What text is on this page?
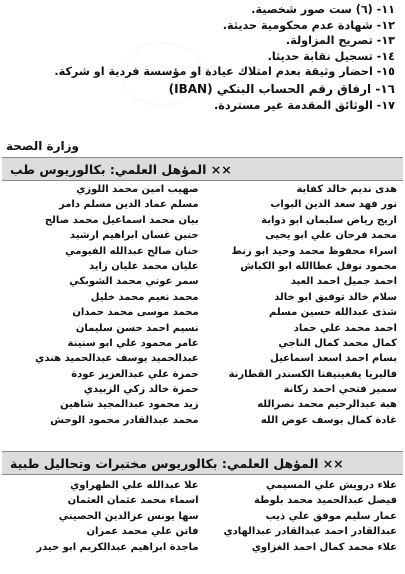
١١- (٦) ست صور شخصية.
١٢- شهادة عدم محكومية حديثة.
١٣- تصريح المزاولة.
١٤- تسجيل نقابة حديثا.
١٥- احضار وثيقة بعدم امتلاك عيادة او مؤسسة فردية او شركة.
١٦- ارفاق رقم الحساب البنكي (IBAN)
١٧- الوثائق المقدمة غير مستردة.
وزارة الصحة
×× المؤهل العلمي: بكالوريوس طب
هدى نديم خالد كفاية
نور فهد سعد الدين البواب
اريج رياض سليمان ابو ذوابة
محمد فرحان علي ابو يحيى
اسراء محفوظ محمد وحيد ابو زنط
محمود نوفل عطاالله ابو الكباش
احمد جميل احمد العبد
سلام خالد توفيق ابو خالد
شذى عبدالله حسين مسلم
احمد محمد علي حماد
كمال محمد كمال الناجي
بسام احمد اسعد اسماعيل
فاليريا يفغينيفنا الكسندر القطارنة
سمير فتحي احمد زكانة
هبة عبدالرحيم محمد نصرالله
غادة كمال يوسف عوض الله
صهيب امين محمد اللوزي
مسلم عماد الدين مسلم دامر
بيان محمد اسماعيل محمد صالح
حنين غسان ابراهيم ارشيد
حنان صالح عبدالله الفيومي
عليان محمد عليان زايد
سمر عوني محمد الشوبكي
محمد نعيم محمد خليل
محمد موسى محمد حمدان
نسيم احمد حسن سليمان
عامر محمود علي ابو سنينة
عبدالحميد يوسف عبدالحميد هندي
حمزة علي عبدالعزيز عودة
حمزة خالد زكي الزبيدي
زيد محمود عبدالمجيد شاهين
محمد عبدالقادر محمود الوحش
×× المؤهل العلمي: بكالوريوس مختبرات وتحاليل طبية
علاء درويش علي المسيمي
فيصل عبدالحميد محمد بلوطة
عمار سليم موفق علي ذيب
عبدالقادر احمد عبدالقادر عبدالهادي
علاء محمد كمال احمد الغزاوي
علا عبدالله علي الطهراوي
اسماء محمد عثمان العثمان
سها يونس عزالدين الحصيني
فاتن علي محمد عمران
ماجدة ابراهيم عبدالكريم ابو حيدر
